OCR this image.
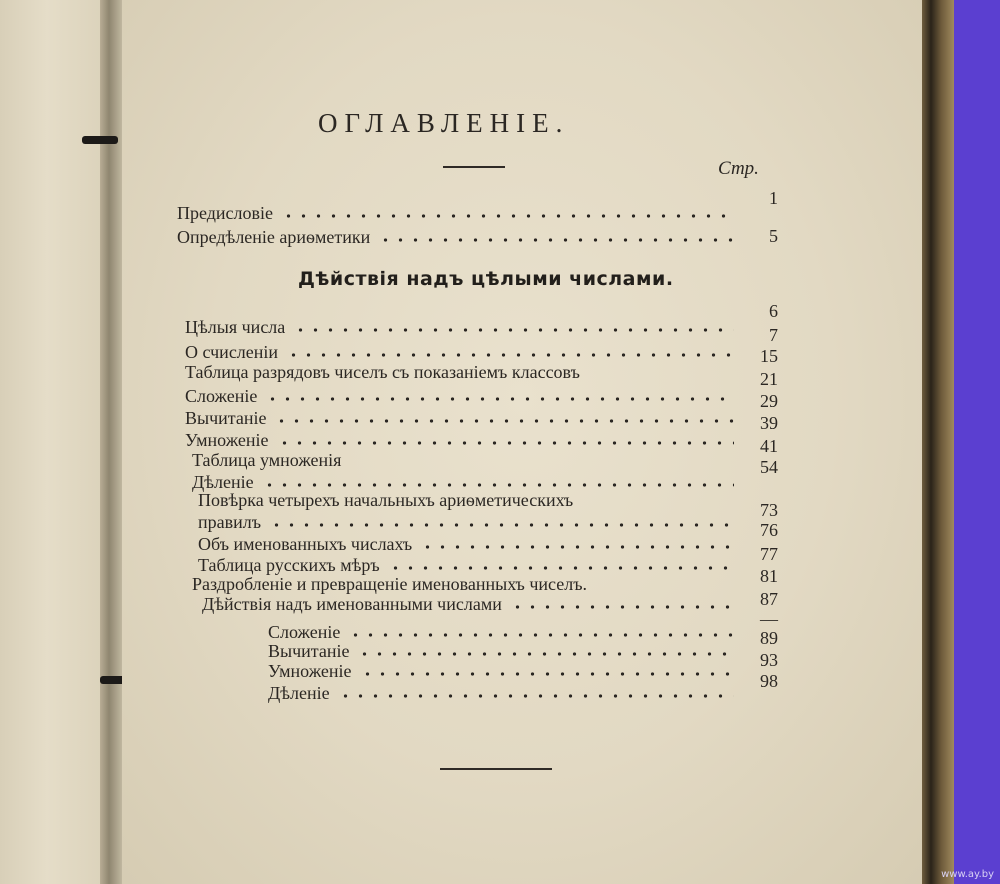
www.ay.by
ОГЛАВЛЕНІЕ.
Стр.
Предисловіе
1
Опредѣленіе ариѳметики	5
Дѣйствія надъ цѣлыми числами.
Цѣлыя числа
О счисленіи
Таблица разрядовъ чиселъ съ показаніемъ классовъ
Сложеніе
Вычитаніе
Умноженіе
Таблица умноженія
Дѣленіе
Повѣрка четырехъ начальныхъ ариѳметическихъ
правилъ
Объ именованныхъ числахъ
Таблица русскихъ мѣръ
Раздробленіе и превращеніе именованныхъ чиселъ.
Дѣйствія надъ именованными числами
Сложеніе
Вычитаніе
Умноженіе
Дѣленіе
6
7
15
21
29
39
41
54
73
76
77
81
87
—
89
93
98
